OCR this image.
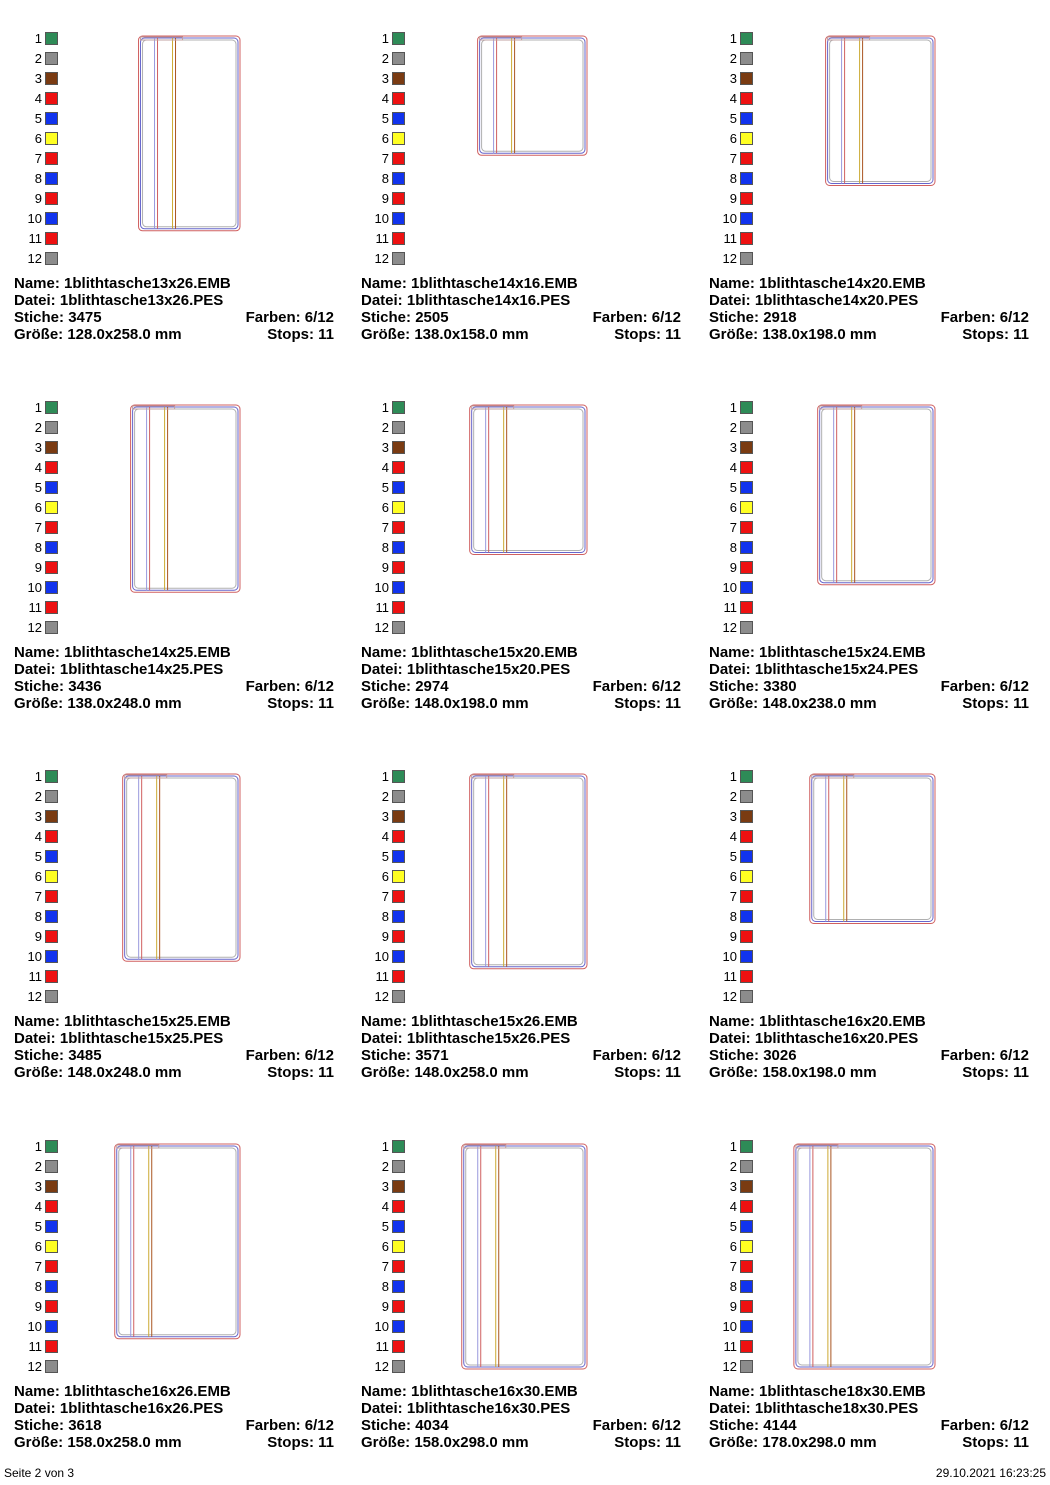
1
2
3
4
5
6
7
8
9
10
11
12
Name: 1blithtasche13x26.EMB
Datei: 1blithtasche13x26.PES
Stiche: 3475	Farben: 6/12
Größe: 128.0x258.0 mm	Stops: 11
1
2
3
4
5
6
7
8
9
10
11
12
Name: 1blithtasche14x16.EMB
Datei: 1blithtasche14x16.PES
Stiche: 2505	Farben: 6/12
Größe: 138.0x158.0 mm	Stops: 11
1
2
3
4
5
6
7
8
9
10
11
12
Name: 1blithtasche14x20.EMB
Datei: 1blithtasche14x20.PES
Stiche: 2918	Farben: 6/12
Größe: 138.0x198.0 mm	Stops: 11
1
2
3
4
5
6
7
8
9
10
11
12
Name: 1blithtasche14x25.EMB
Datei: 1blithtasche14x25.PES
Stiche: 3436	Farben: 6/12
Größe: 138.0x248.0 mm	Stops: 11
1
2
3
4
5
6
7
8
9
10
11
12
Name: 1blithtasche15x20.EMB
Datei: 1blithtasche15x20.PES
Stiche: 2974	Farben: 6/12
Größe: 148.0x198.0 mm	Stops: 11
1
2
3
4
5
6
7
8
9
10
11
12
Name: 1blithtasche15x24.EMB
Datei: 1blithtasche15x24.PES
Stiche: 3380	Farben: 6/12
Größe: 148.0x238.0 mm	Stops: 11
1
2
3
4
5
6
7
8
9
10
11
12
Name: 1blithtasche15x25.EMB
Datei: 1blithtasche15x25.PES
Stiche: 3485	Farben: 6/12
Größe: 148.0x248.0 mm	Stops: 11
1
2
3
4
5
6
7
8
9
10
11
12
Name: 1blithtasche15x26.EMB
Datei: 1blithtasche15x26.PES
Stiche: 3571	Farben: 6/12
Größe: 148.0x258.0 mm	Stops: 11
1
2
3
4
5
6
7
8
9
10
11
12
Name: 1blithtasche16x20.EMB
Datei: 1blithtasche16x20.PES
Stiche: 3026	Farben: 6/12
Größe: 158.0x198.0 mm	Stops: 11
1
2
3
4
5
6
7
8
9
10
11
12
Name: 1blithtasche16x26.EMB
Datei: 1blithtasche16x26.PES
Stiche: 3618	Farben: 6/12
Größe: 158.0x258.0 mm	Stops: 11
1
2
3
4
5
6
7
8
9
10
11
12
Name: 1blithtasche16x30.EMB
Datei: 1blithtasche16x30.PES
Stiche: 4034	Farben: 6/12
Größe: 158.0x298.0 mm	Stops: 11
1
2
3
4
5
6
7
8
9
10
11
12
Name: 1blithtasche18x30.EMB
Datei: 1blithtasche18x30.PES
Stiche: 4144	Farben: 6/12
Größe: 178.0x298.0 mm	Stops: 11
Seite 2 von 3	29.10.2021 16:23:25
